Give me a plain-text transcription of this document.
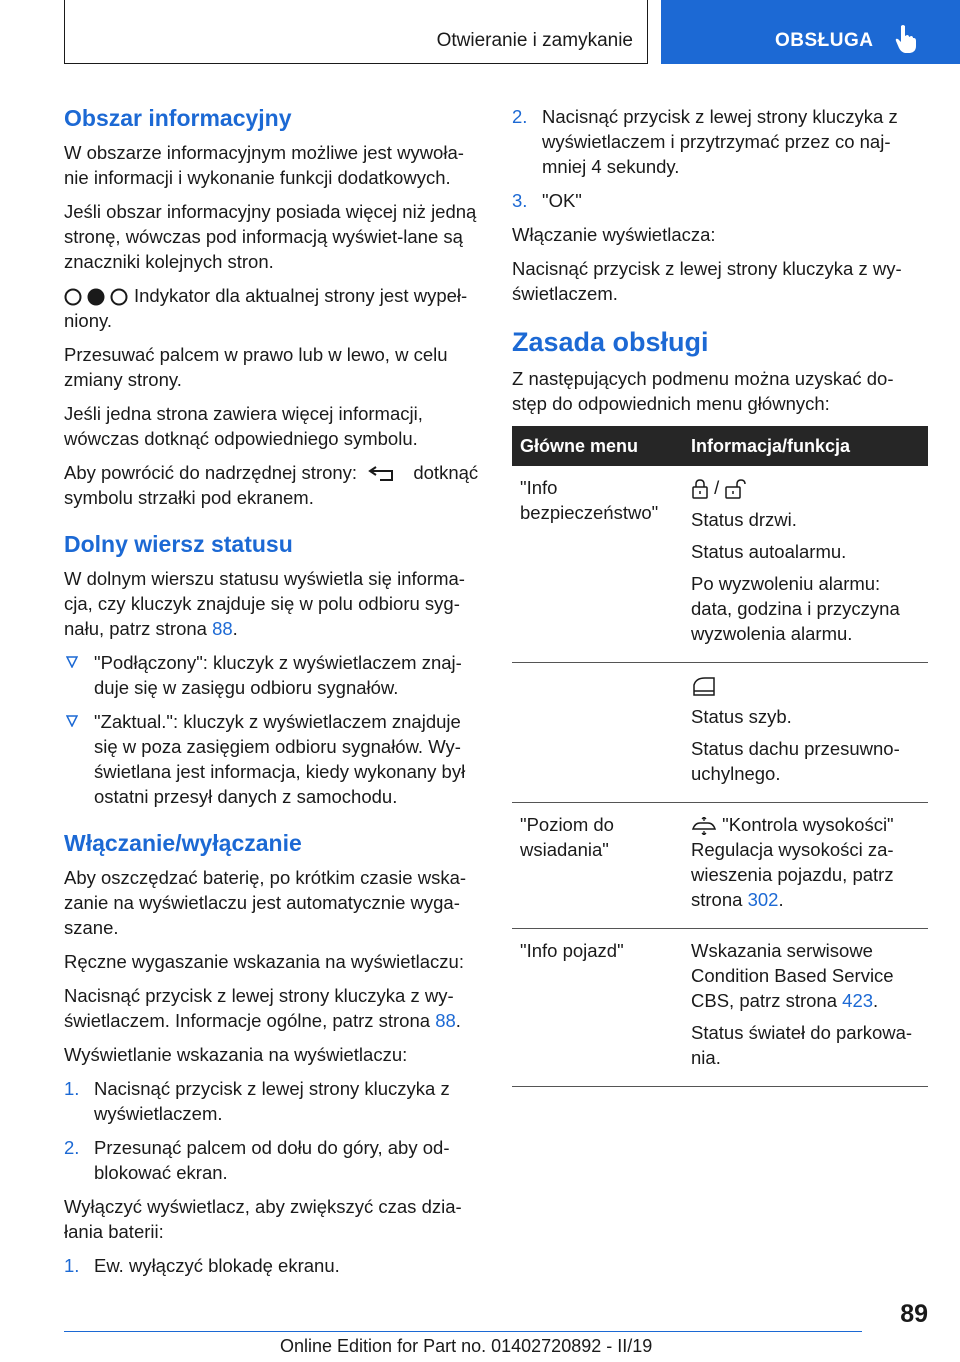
Otwieranie i zamykanie	OBSŁUGA
Obszar informacyjny

W obszarze informacyjnym możliwe jest wywoła-nie informacji i wykonanie funkcji dodatkowych.

Jeśli obszar informacyjny posiada więcej niż jedną stronę, wówczas pod informacją wyświet-lane są znaczniki kolejnych stron.

Indykator dla aktualnej strony jest wypeł-niony.

Przesuwać palcem w prawo lub w lewo, w celu zmiany strony.

Jeśli jedna strona zawiera więcej informacji, wówczas dotknąć odpowiedniego symbolu.

Aby powrócić do nadrzędnej strony:	dotknąć symbolu strzałki pod ekranem.

Dolny wiersz statusu

W dolnym wierszu statusu wyświetla się informa-cja, czy kluczyk znajduje się w polu odbioru syg-nału, patrz strona 88.

"Podłączony": kluczyk z wyświetlaczem znaj-duje się w zasięgu odbioru sygnałów.
"Zaktual.": kluczyk z wyświetlaczem znajduje się w poza zasięgiem odbioru sygnałów. Wy-świetlana jest informacja, kiedy wykonany był ostatni przesył danych z samochodu.
Włączanie/wyłączanie

Aby oszczędzać baterię, po krótkim czasie wska-zanie na wyświetlaczu jest automatycznie wyga-szane.

Ręczne wygaszanie wskazania na wyświetlaczu:

Nacisnąć przycisk z lewej strony kluczyka z wy-świetlaczem. Informacje ogólne, patrz strona 88.

Wyświetlanie wskazania na wyświetlaczu:

1. Nacisnąć przycisk z lewej strony kluczyka z wyświetlaczem.
2. Przesunąć palcem od dołu do góry, aby od-blokować ekran.

Wyłączyć wyświetlacz, aby zwiększyć czas dzia-łania baterii:

1. Ew. wyłączyć blokadę ekranu.
2. Nacisnąć przycisk z lewej strony kluczyka z wyświetlaczem i przytrzymać przez co naj-mniej 4 sekundy.
3. "OK"

Włączanie wyświetlacza:

Nacisnąć przycisk z lewej strony kluczyka z wy-świetlaczem.

Zasada obsługi

Z następujących podmenu można uzyskać do-stęp do odpowiednich menu głównych:

Główne menu	Informacja/funkcja
"Info bezpieczeństwo"	/

Status drzwi.

Status autoalarmu.

Po wyzwoleniu alarmu: data, godzina i przyczyna wyzwolenia alarmu.

	Status szyb.

Status dachu przesuwno-uchylnego.

"Poziom do wsiadania"	"Kontrola wysokości" Regulacja wysokości za-wieszenia pojazdu, patrz strona 302.

"Info pojazd"	Wskazania serwisowe Condition Based Service CBS, patrz strona 423.

Status świateł do parkowa-nia.

89
Online Edition for Part no. 01402720892 - II/19
